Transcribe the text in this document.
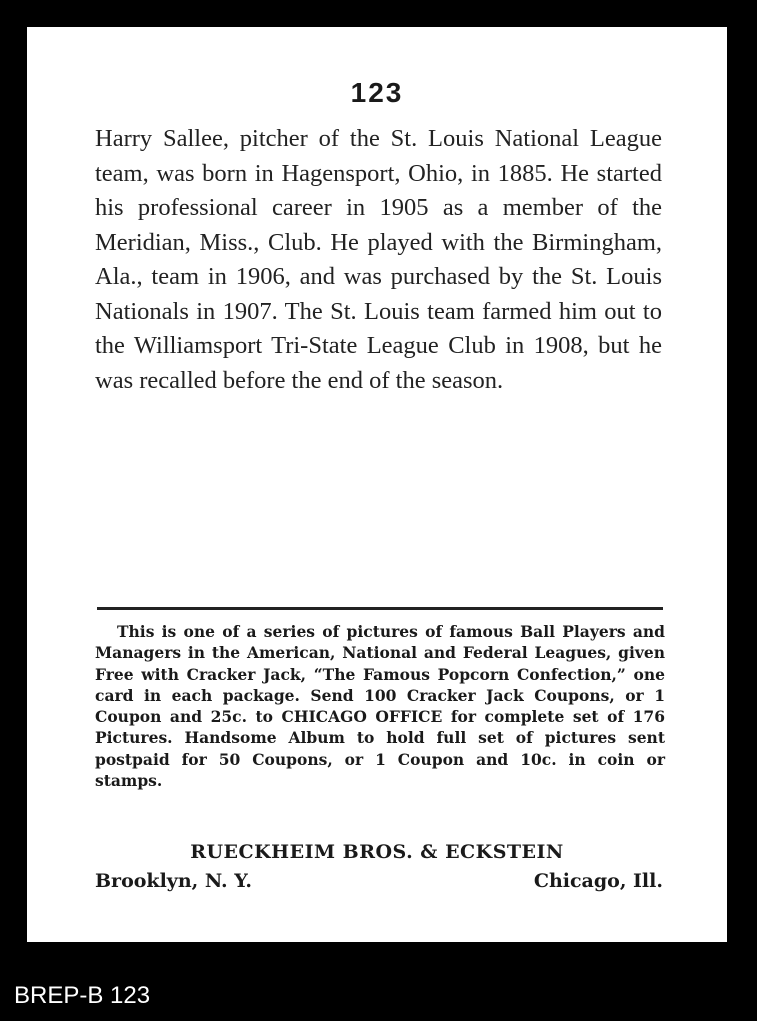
123

Harry Sallee, pitcher of the St. Louis National League team, was born in Hagensport, Ohio, in 1885. He started his professional career in 1905 as a member of the Meridian, Miss., Club. He played with the Birmingham, Ala., team in 1906, and was purchased by the St. Louis Nationals in 1907. The St. Louis team farmed him out to the Williamsport Tri-State League Club in 1908, but he was recalled before the end of the season.

This is one of a series of pictures of famous Ball Players and Managers in the American, National and Federal Leagues, given Free with Cracker Jack, “The Famous Popcorn Confection,” one card in each package. Send 100 Cracker Jack Coupons, or 1 Coupon and 25c. to CHICAGO OFFICE for complete set of 176 Pictures. Handsome Album to hold full set of pictures sent postpaid for 50 Coupons, or 1 Coupon and 10c. in coin or stamps.

RUECKHEIM BROS. & ECKSTEIN
Brooklyn, N. Y.	Chicago, Ill.
BREP-B 123
